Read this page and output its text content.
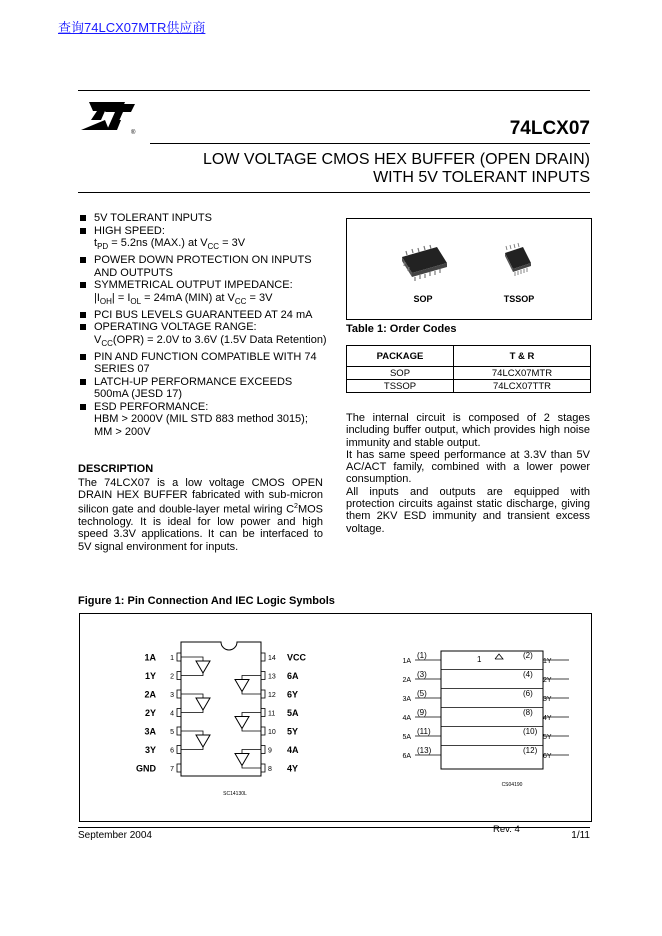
查询74LCX07MTR供应商
®	74LCX07
LOW VOLTAGE CMOS HEX BUFFER (OPEN DRAIN)
WITH 5V TOLERANT INPUTS
5V TOLERANT INPUTS
HIGH SPEED:
$t_{PD} = 5.2ns$ (MAX.) at $V_{CC} = 3V$
POWER DOWN PROTECTION ON INPUTS AND OUTPUTS
SYMMETRICAL OUTPUT IMPEDANCE:
$|I_{OH}| = I_{OL} = 24mA$ (MIN) at $V_{CC} = 3V$
PCI BUS LEVELS GUARANTEED AT 24 mA
OPERATING VOLTAGE RANGE:
$V_{CC}(OPR) = 2.0V$ to 3.6V (1.5V Data Retention)
PIN AND FUNCTION COMPATIBLE WITH 74 SERIES 07
LATCH-UP PERFORMANCE EXCEEDS 500mA (JESD 17)
ESD PERFORMANCE:
HBM > 2000V (MIL STD 883 method 3015); MM > 200V
DESCRIPTION
The 74LCX07 is a low voltage CMOS OPEN DRAIN HEX BUFFER fabricated with sub-micron silicon gate and double-layer metal wiring $C^2MOS$ technology. It is ideal for low power and high speed 3.3V applications. It can be interfaced to 5V signal environment for inputs.
SOP	TSSOP
Table 1: Order Codes
PACKAGE	T & R
SOP	74LCX07MTR
TSSOP	74LCX07TTR
The internal circuit is composed of 2 stages including buffer output, which provides high noise immunity and stable output.
It has same speed performance at 3.3V than 5V AC/ACT family, combined with a lower power consumption.
All inputs and outputs are equipped with protection circuits against static discharge, giving them 2KV ESD immunity and transient excess voltage.
Figure 1: Pin Connection And IEC Logic Symbols
1
1A
2
1Y
3
2A
4
2Y
5
3A
6
3Y
7
GND
14 VCC
13 6A
12 6Y
11 5A
10 5Y
9 4A
8 4Y
SC14130L
1A
(1)
2A
(3)
3A
(5)
4A
(9)
5A
(11)
6A
(13)
1Y
(2)
2Y
(4)
3Y
(6)
4Y
(8)
5Y
(10)
6Y
(12)
1
CS04190
Rev. 4
September 2004	1/11
